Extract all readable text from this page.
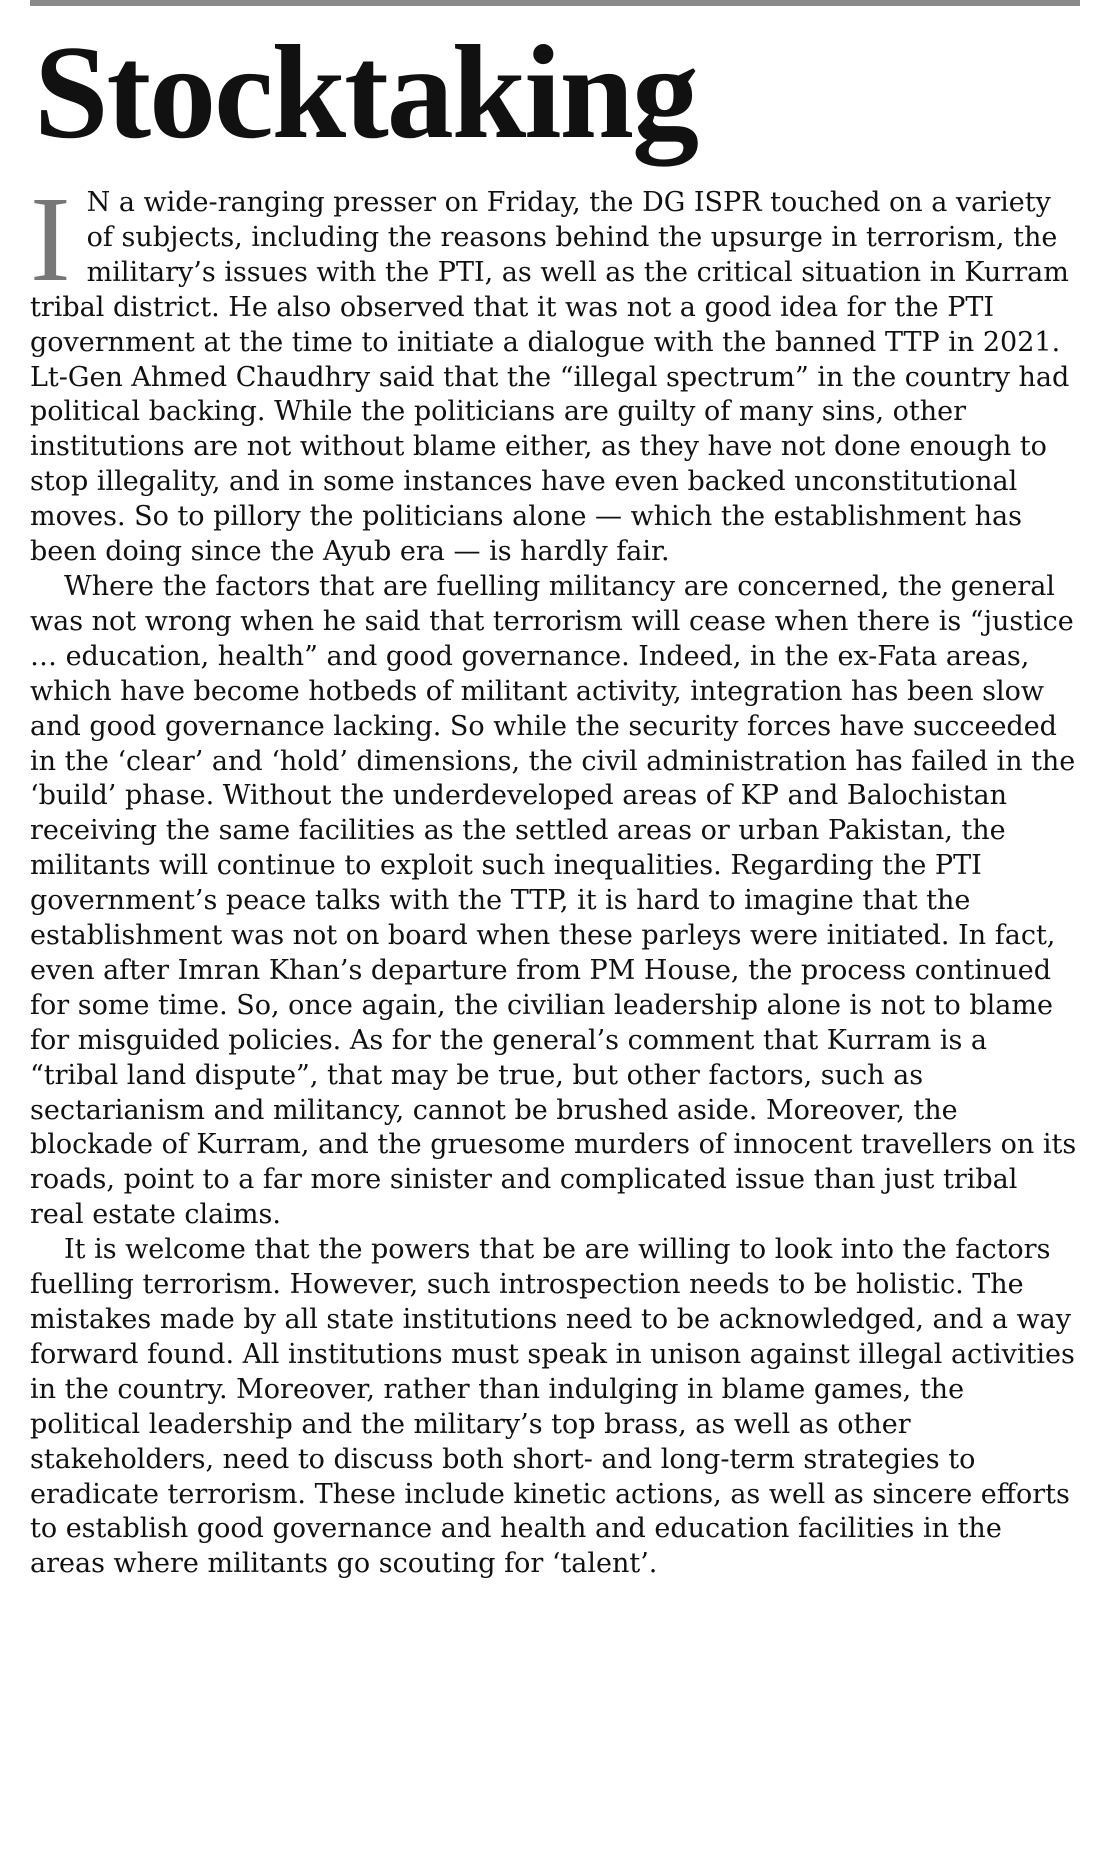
Stocktaking

I N a wide-ranging presser on Friday, the DG ISPR touched on a variety of subjects, including the reasons behind the upsurge in terrorism, the military’s issues with the PTI, as well as the critical situation in Kurram tribal district. He also observed that it was not a good idea for the PTI government at the time to initiate a dialogue with the banned TTP in 2021. Lt-Gen Ahmed Chaudhry said that the “illegal spectrum” in the country had political backing. While the politicians are guilty of many sins, other institutions are not without blame either, as they have not done enough to stop illegality, and in some instances have even backed unconstitutional moves. So to pillory the politicians alone — which the establishment has been doing since the Ayub era — is hardly fair.

Where the factors that are fuelling militancy are concerned, the general was not wrong when he said that terrorism will cease when there is “justice … education, health” and good governance. Indeed, in the ex-Fata areas, which have become hotbeds of militant activity, integration has been slow and good governance lacking. So while the security forces have succeeded in the ‘clear’ and ‘hold’ dimensions, the civil administration has failed in the ‘build’ phase. Without the underdeveloped areas of KP and Balochistan receiving the same facilities as the settled areas or urban Pakistan, the militants will continue to exploit such inequalities. Regarding the PTI government’s peace talks with the TTP, it is hard to imagine that the establishment was not on board when these parleys were initiated. In fact, even after Imran Khan’s departure from PM House, the process continued for some time. So, once again, the civilian leadership alone is not to blame for misguided policies. As for the general’s comment that Kurram is a “tribal land dispute”, that may be true, but other factors, such as sectarianism and militancy, cannot be brushed aside. Moreover, the blockade of Kurram, and the gruesome murders of innocent travellers on its roads, point to a far more sinister and complicated issue than just tribal real estate claims.

It is welcome that the powers that be are willing to look into the factors fuelling terrorism. However, such introspection needs to be holistic. The mistakes made by all state institutions need to be acknowledged, and a way forward found. All institutions must speak in unison against illegal activities in the country. Moreover, rather than indulging in blame games, the political leadership and the military’s top brass, as well as other stakeholders, need to discuss both short- and long-term strategies to eradicate terrorism. These include kinetic actions, as well as sincere efforts to establish good governance and health and education facilities in the areas where militants go scouting for ‘talent’.
